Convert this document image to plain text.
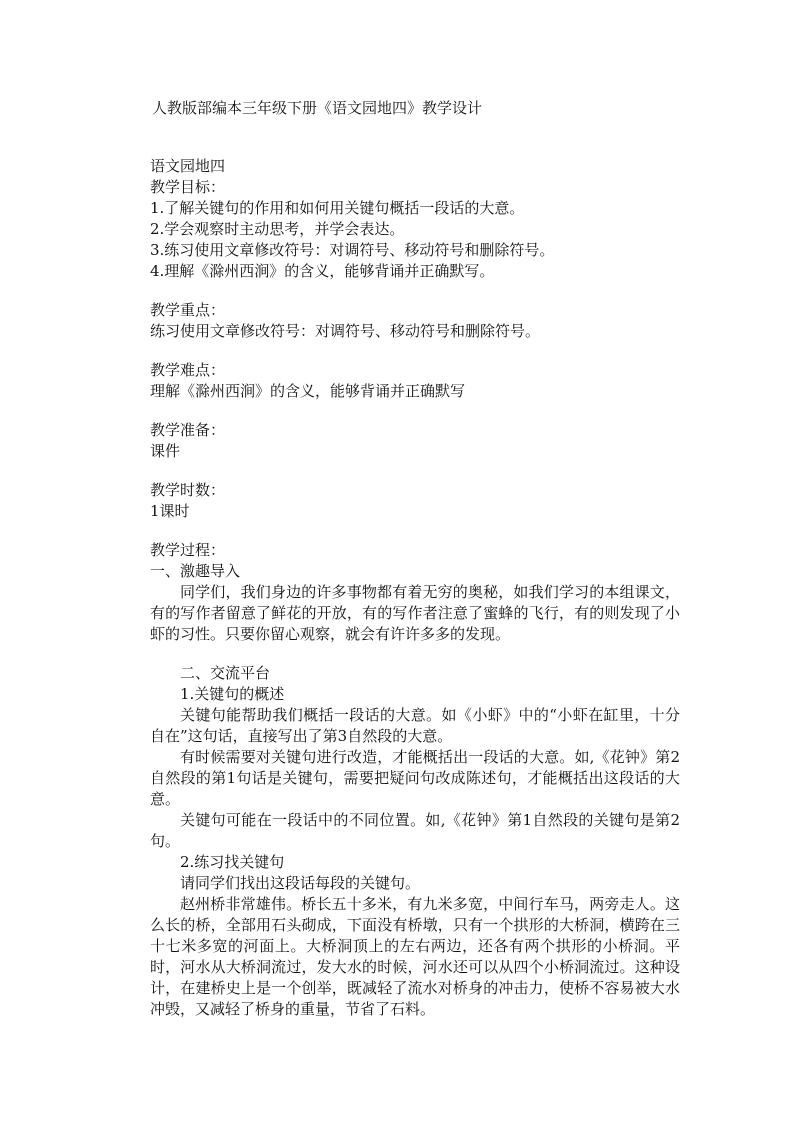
人教版部编本三年级下册《语文园地四》教学设计
语文园地四
教学目标：
1.了解关键句的作用和如何用关键句概括一段话的大意。
2.学会观察时主动思考，并学会表达。
3.练习使用文章修改符号：对调符号、移动符号和删除符号。
4.理解《滁州西涧》的含义，能够背诵并正确默写。
教学重点：
练习使用文章修改符号：对调符号、移动符号和删除符号。
教学难点：
理解《滁州西涧》的含义，能够背诵并正确默写
教学准备：
课件
教学时数：
1课时
教学过程：
一、激趣导入
同学们，我们身边的许多事物都有着无穷的奥秘，如我们学习的本组课文，有的写作者留意了鲜花的开放，有的写作者注意了蜜蜂的飞行，有的则发现了小虾的习性。只要你留心观察，就会有许许多多的发现。
二、交流平台
1.关键句的概述
关键句能帮助我们概括一段话的大意。如《小虾》中的“小虾在缸里，十分自在”这句话，直接写出了第3自然段的大意。
有时候需要对关键句进行改造，才能概括出一段话的大意。如,《花钟》第2自然段的第1句话是关键句，需要把疑问句改成陈述句，才能概括出这段话的大意。
关键句可能在一段话中的不同位置。如,《花钟》第1自然段的关键句是第2句。
2.练习找关键句
请同学们找出这段话每段的关键句。
赵州桥非常雄伟。桥长五十多米，有九米多宽，中间行车马，两旁走人。这么长的桥，全部用石头砌成，下面没有桥墩，只有一个拱形的大桥洞，横跨在三十七米多宽的河面上。大桥洞顶上的左右两边，还各有两个拱形的小桥洞。平时，河水从大桥洞流过，发大水的时候，河水还可以从四个小桥洞流过。这种设计，在建桥史上是一个创举，既减轻了流水对桥身的冲击力，使桥不容易被大水冲毁，又减轻了桥身的重量，节省了石料。
